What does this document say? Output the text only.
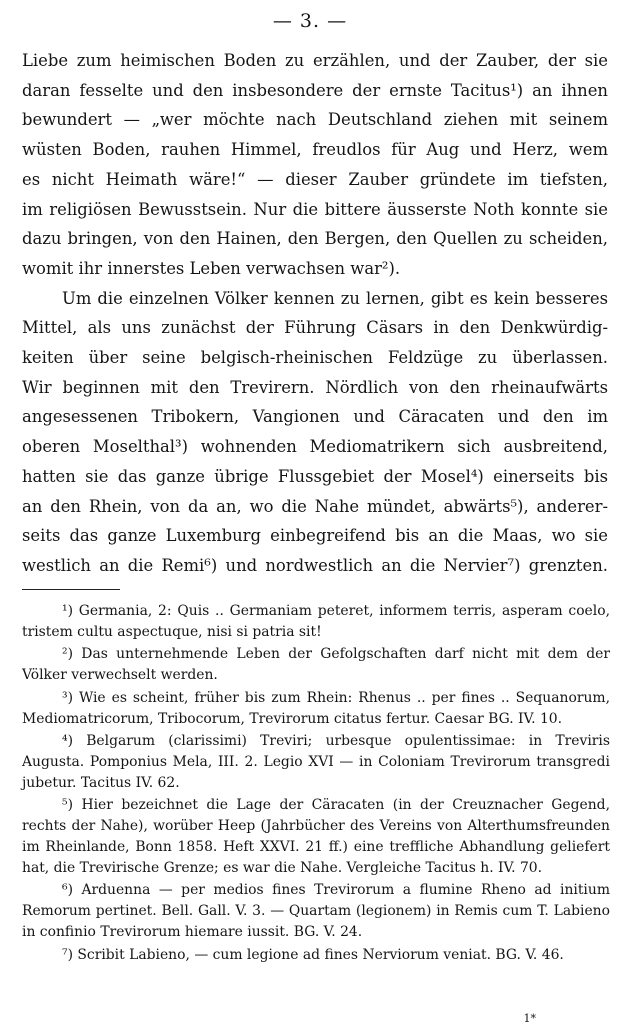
— 3. —

Liebe zum heimischen Boden zu erzählen, und der Zauber, der sie

daran fesselte und den insbesondere der ernste Tacitus¹) an ihnen

bewundert — „wer möchte nach Deutschland ziehen mit seinem

wüsten Boden, rauhen Himmel, freudlos für Aug und Herz, wem

es nicht Heimath wäre!“ — dieser Zauber gründete im tiefsten,

im religiösen Bewusstsein. Nur die bittere äusserste Noth konnte sie

dazu bringen, von den Hainen, den Bergen, den Quellen zu scheiden,

womit ihr innerstes Leben verwachsen war²).

Um die einzelnen Völker kennen zu lernen, gibt es kein besseres

Mittel, als uns zunächst der Führung Cäsars in den Denkwürdig-

keiten über seine belgisch-rheinischen Feldzüge zu überlassen.

Wir beginnen mit den Trevirern. Nördlich von den rheinaufwärts

angesessenen Tribokern, Vangionen und Cäracaten und den im

oberen Moselthal³) wohnenden Mediomatrikern sich ausbreitend,

hatten sie das ganze übrige Flussgebiet der Mosel⁴) einerseits bis

an den Rhein, von da an, wo die Nahe mündet, abwärts⁵), anderer-

seits das ganze Luxemburg einbegreifend bis an die Maas, wo sie

westlich an die Remi⁶) und nordwestlich an die Nervier⁷) grenzten.

¹) Germania, 2: Quis .. Germaniam peteret, informem terris, asperam coelo, tristem cultu aspectuque, nisi si patria sit!

²) Das unternehmende Leben der Gefolgschaften darf nicht mit dem der Völker verwechselt werden.

³) Wie es scheint, früher bis zum Rhein: Rhenus .. per fines .. Sequanorum, Mediomatricorum, Tribocorum, Trevirorum citatus fertur. Caesar BG. IV. 10.

⁴) Belgarum (clarissimi) Treviri; urbesque opulentissimae: in Treviris Augusta. Pomponius Mela, III. 2. Legio XVI — in Coloniam Trevirorum transgredi jubetur. Tacitus IV. 62.

⁵) Hier bezeichnet die Lage der Cäracaten (in der Creuznacher Gegend, rechts der Nahe), worüber Heep (Jahrbücher des Vereins von Alterthumsfreunden im Rheinlande, Bonn 1858. Heft XXVI. 21 ff.) eine treffliche Abhandlung geliefert hat, die Trevirische Grenze; es war die Nahe. Vergleiche Tacitus h. IV. 70.

⁶) Arduenna — per medios fines Trevirorum a flumine Rheno ad initium Remorum pertinet. Bell. Gall. V. 3. — Quartam (legionem) in Remis cum T. Labieno in confinio Trevirorum hiemare iussit. BG. V. 24.

⁷) Scribit Labieno, — cum legione ad fines Nerviorum veniat. BG. V. 46.

1*
